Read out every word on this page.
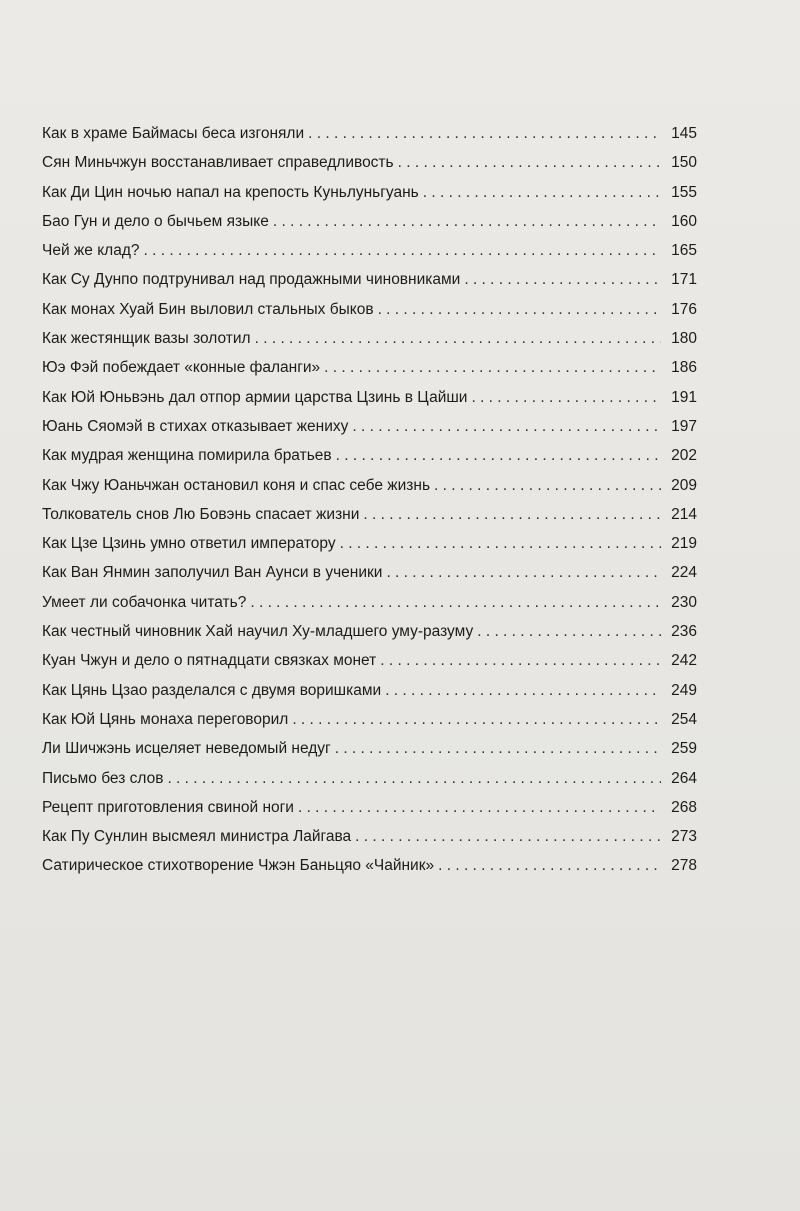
Как в храме Баймасы беса изгоняли . . .	145
Сян Миньчжун восстанавливает справедливость . . .	150
Как Ди Цин ночью напал на крепость Куньлуньгуань . . .	155
Бао Гун и дело о бычьем языке . . .	160
Чей же клад? . . .	165
Как Су Дунпо подтрунивал над продажными чиновниками . . .	171
Как монах Хуай Бин выловил стальных быков . . .	176
Как жестянщик вазы золотил . . .	180
Юэ Фэй побеждает «конные фаланги» . . .	186
Как Юй Юньвэнь дал отпор армии царства Цзинь в Цайши . . .	191
Юань Сяомэй в стихах отказывает жениху . . .	197
Как мудрая женщина помирила братьев . . .	202
Как Чжу Юаньчжан остановил коня и спас себе жизнь . . .	209
Толкователь снов Лю Бовэнь спасает жизни . . .	214
Как Цзе Цзинь умно ответил императору . . .	219
Как Ван Янмин заполучил Ван Аунси в ученики . . .	224
Умеет ли собачонка читать? . . .	230
Как честный чиновник Хай научил Ху-младшего уму-разуму . . .	236
Куан Чжун и дело о пятнадцати связках монет . . .	242
Как Цянь Цзао разделался с двумя воришками . . .	249
Как Юй Цянь монаха переговорил . . .	254
Ли Шичжэнь исцеляет неведомый недуг . . .	259
Письмо без слов . . .	264
Рецепт приготовления свиной ноги . . .	268
Как Пу Сунлин высмеял министра Лайгава . . .	273
Сатирическое стихотворение Чжэн Баньцяо «Чайник» . . .	278
